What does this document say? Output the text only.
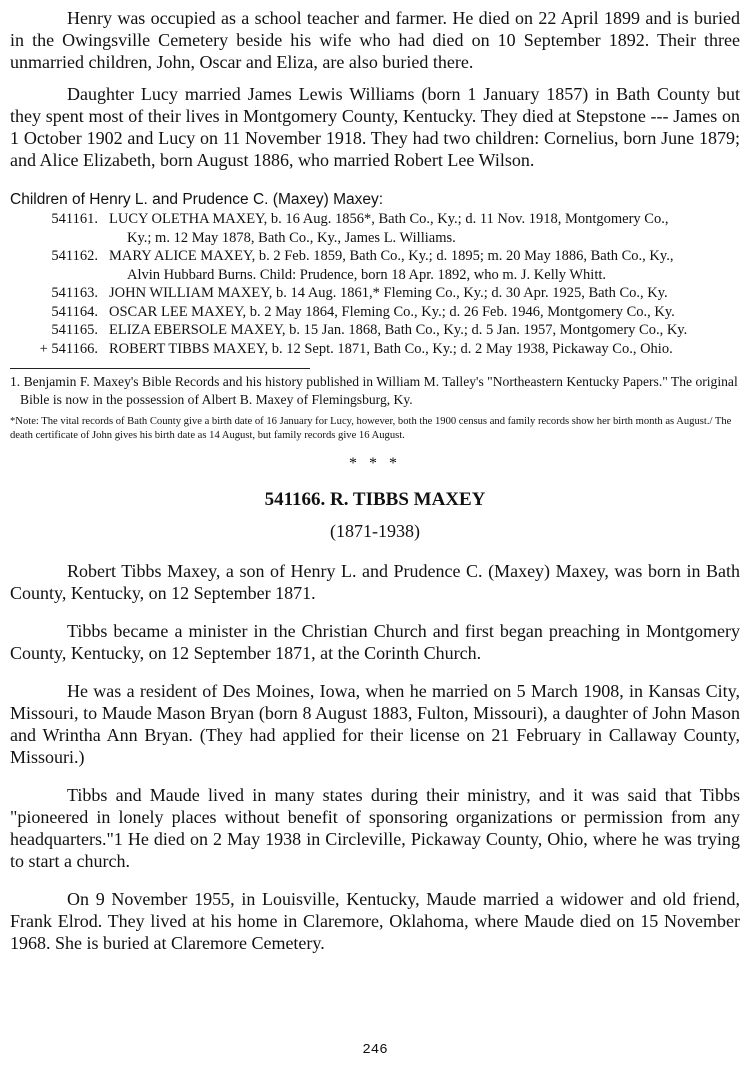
Henry was occupied as a school teacher and farmer. He died on 22 April 1899 and is buried in the Owingsville Cemetery beside his wife who had died on 10 September 1892. Their three unmarried children, John, Oscar and Eliza, are also buried there.

Daughter Lucy married James Lewis Williams (born 1 January 1857) in Bath County but they spent most of their lives in Montgomery County, Kentucky. They died at Stepstone --- James on 1 October 1902 and Lucy on 11 November 1918. They had two children: Cornelius, born June 1879; and Alice Elizabeth, born August 1886, who married Robert Lee Wilson.

Children of Henry L. and Prudence C. (Maxey) Maxey:

541161. LUCY OLETHA MAXEY, b. 16 Aug. 1856*, Bath Co., Ky.; d. 11 Nov. 1918, Montgomery Co.,
Ky.; m. 12 May 1878, Bath Co., Ky., James L. Williams.
541162. MARY ALICE MAXEY, b. 2 Feb. 1859, Bath Co., Ky.; d. 1895; m. 20 May 1886, Bath Co., Ky.,
Alvin Hubbard Burns. Child: Prudence, born 18 Apr. 1892, who m. J. Kelly Whitt.
541163. JOHN WILLIAM MAXEY, b. 14 Aug. 1861,* Fleming Co., Ky.; d. 30 Apr. 1925, Bath Co., Ky.
541164. OSCAR LEE MAXEY, b. 2 May 1864, Fleming Co., Ky.; d. 26 Feb. 1946, Montgomery Co., Ky.
541165. ELIZA EBERSOLE MAXEY, b. 15 Jan. 1868, Bath Co., Ky.; d. 5 Jan. 1957, Montgomery Co., Ky.
+ 541166. ROBERT TIBBS MAXEY, b. 12 Sept. 1871, Bath Co., Ky.; d. 2 May 1938, Pickaway Co., Ohio.

1. Benjamin F. Maxey's Bible Records and his history published in William M. Talley's "Northeastern Kentucky Papers." The original Bible is now in the possession of Albert B. Maxey of Flemingsburg, Ky.

*Note: The vital records of Bath County give a birth date of 16 January for Lucy, however, both the 1900 census and family records show her birth month as August./ The death certificate of John gives his birth date as 14 August, but family records give 16 August.

* * *

541166. R. TIBBS MAXEY

(1871-1938)

Robert Tibbs Maxey, a son of Henry L. and Prudence C. (Maxey) Maxey, was born in Bath County, Kentucky, on 12 September 1871.

Tibbs became a minister in the Christian Church and first began preaching in Montgomery County, Kentucky, on 12 September 1871, at the Corinth Church.

He was a resident of Des Moines, Iowa, when he married on 5 March 1908, in Kansas City, Missouri, to Maude Mason Bryan (born 8 August 1883, Fulton, Missouri), a daughter of John Mason and Wrintha Ann Bryan. (They had applied for their license on 21 February in Callaway County, Missouri.)

Tibbs and Maude lived in many states during their ministry, and it was said that Tibbs "pioneered in lonely places without benefit of sponsoring organizations or permission from any headquarters."1 He died on 2 May 1938 in Circleville, Pickaway County, Ohio, where he was trying to start a church.

On 9 November 1955, in Louisville, Kentucky, Maude married a widower and old friend, Frank Elrod. They lived at his home in Claremore, Oklahoma, where Maude died on 15 November 1968. She is buried at Claremore Cemetery.

246
